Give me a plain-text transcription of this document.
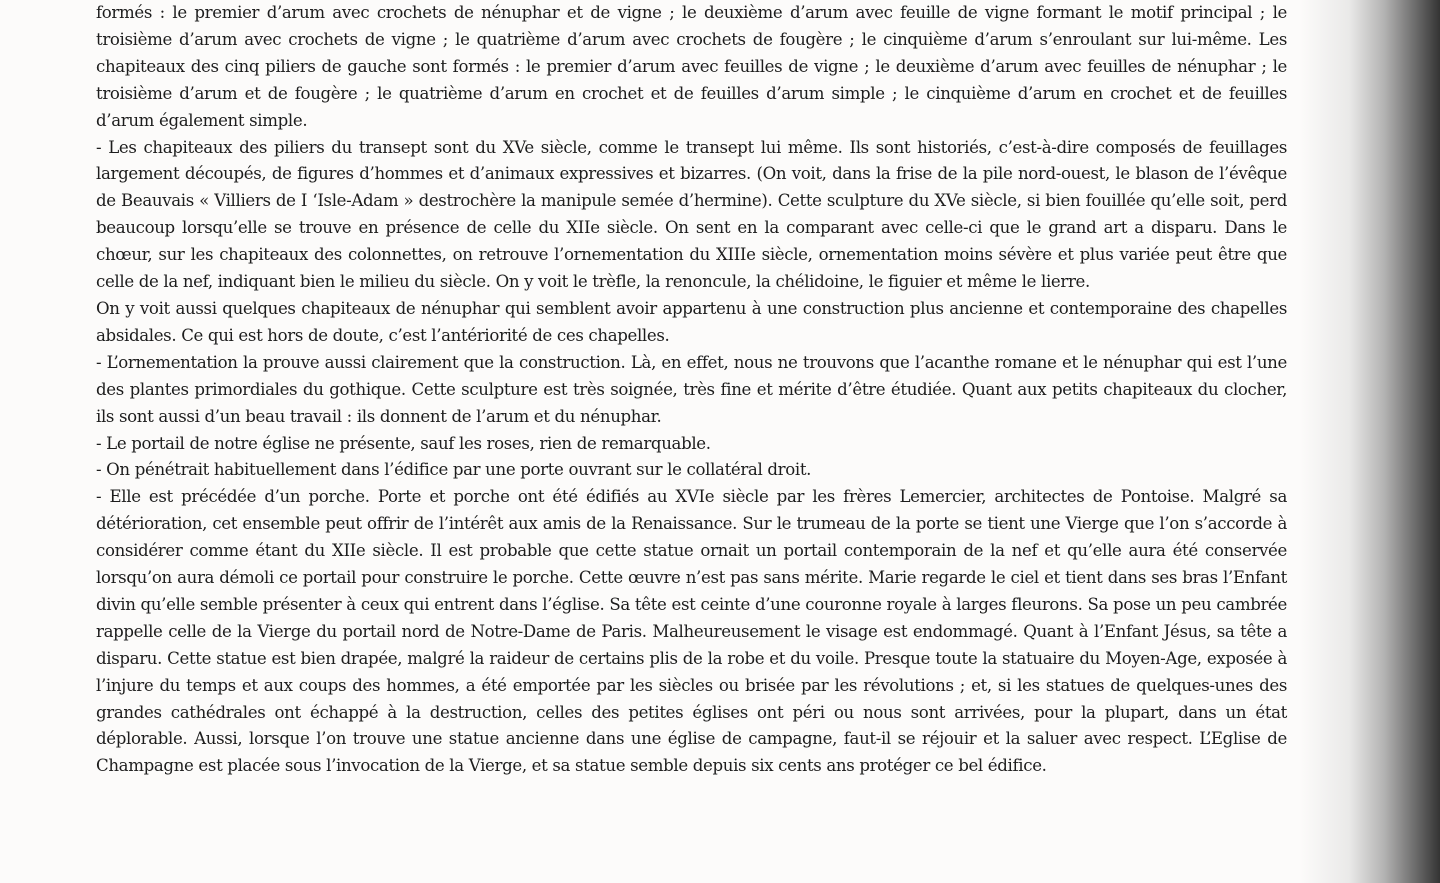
formés : le premier d’arum avec crochets de nénuphar et de vigne ; le deuxième d’arum avec feuille de vigne formant le motif principal ; le troisième d’arum avec crochets de vigne ; le quatrième d’arum avec crochets de fougère ; le cinquième d’arum s’enroulant sur lui-même. Les chapiteaux des cinq piliers de gauche sont formés : le premier d’arum avec feuilles de vigne ; le deuxième d’arum avec feuilles de nénuphar ; le troisième d’arum et de fougère ; le quatrième d’arum en crochet et de feuilles d’arum simple ; le cinquième d’arum en crochet et de feuilles d’arum également simple.

- Les chapiteaux des piliers du transept sont du XVe siècle, comme le transept lui même. Ils sont historiés, c’est-à-dire composés de feuillages largement découpés, de figures d’hommes et d’animaux expressives et bizarres. (On voit, dans la frise de la pile nord-ouest, le blason de l’évêque de Beauvais « Villiers de I ‘Isle-Adam » destrochère la manipule semée d’hermine). Cette sculpture du XVe siècle, si bien fouillée qu’elle soit, perd beaucoup lorsqu’elle se trouve en présence de celle du XIIe siècle. On sent en la comparant avec celle-ci que le grand art a disparu. Dans le chœur, sur les chapiteaux des colonnettes, on retrouve l’ornementation du XIIIe siècle, ornementation moins sévère et plus variée peut être que celle de la nef, indiquant bien le milieu du siècle. On y voit le trèfle, la renoncule, la chélidoine, le figuier et même le lierre.

On y voit aussi quelques chapiteaux de nénuphar qui semblent avoir appartenu à une construction plus ancienne et contemporaine des chapelles absidales. Ce qui est hors de doute, c’est l’antériorité de ces chapelles.

- L’ornementation la prouve aussi clairement que la construction. Là, en effet, nous ne trouvons que l’acanthe romane et le nénuphar qui est l’une des plantes primordiales du gothique. Cette sculpture est très soignée, très fine et mérite d’être étudiée. Quant aux petits chapiteaux du clocher, ils sont aussi d’un beau travail : ils donnent de l’arum et du nénuphar.

- Le portail de notre église ne présente, sauf les roses, rien de remarquable.

- On pénétrait habituellement dans l’édifice par une porte ouvrant sur le collatéral droit.

- Elle est précédée d’un porche. Porte et porche ont été édifiés au XVIe siècle par les frères Lemercier, architectes de Pontoise. Malgré sa détérioration, cet ensemble peut offrir de l’intérêt aux amis de la Renaissance. Sur le trumeau de la porte se tient une Vierge que l’on s’accorde à considérer comme étant du XIIe siècle. Il est probable que cette statue ornait un portail contemporain de la nef et qu’elle aura été conservée lorsqu’on aura démoli ce portail pour construire le porche. Cette œuvre n’est pas sans mérite. Marie regarde le ciel et tient dans ses bras l’Enfant divin qu’elle semble présenter à ceux qui entrent dans l’église. Sa tête est ceinte d’une couronne royale à larges fleurons. Sa pose un peu cambrée rappelle celle de la Vierge du portail nord de Notre-Dame de Paris. Malheureusement le visage est endommagé. Quant à l’Enfant Jésus, sa tête a disparu. Cette statue est bien drapée, malgré la raideur de certains plis de la robe et du voile. Presque toute la statuaire du Moyen-Age, exposée à l’injure du temps et aux coups des hommes, a été emportée par les siècles ou brisée par les révolutions ; et, si les statues de quelques-unes des grandes cathédrales ont échappé à la destruction, celles des petites églises ont péri ou nous sont arrivées, pour la plupart, dans un état déplorable. Aussi, lorsque l’on trouve une statue ancienne dans une église de campagne, faut-il se réjouir et la saluer avec respect. L’Eglise de Champagne est placée sous l’invocation de la Vierge, et sa statue semble depuis six cents ans protéger ce bel édifice.
